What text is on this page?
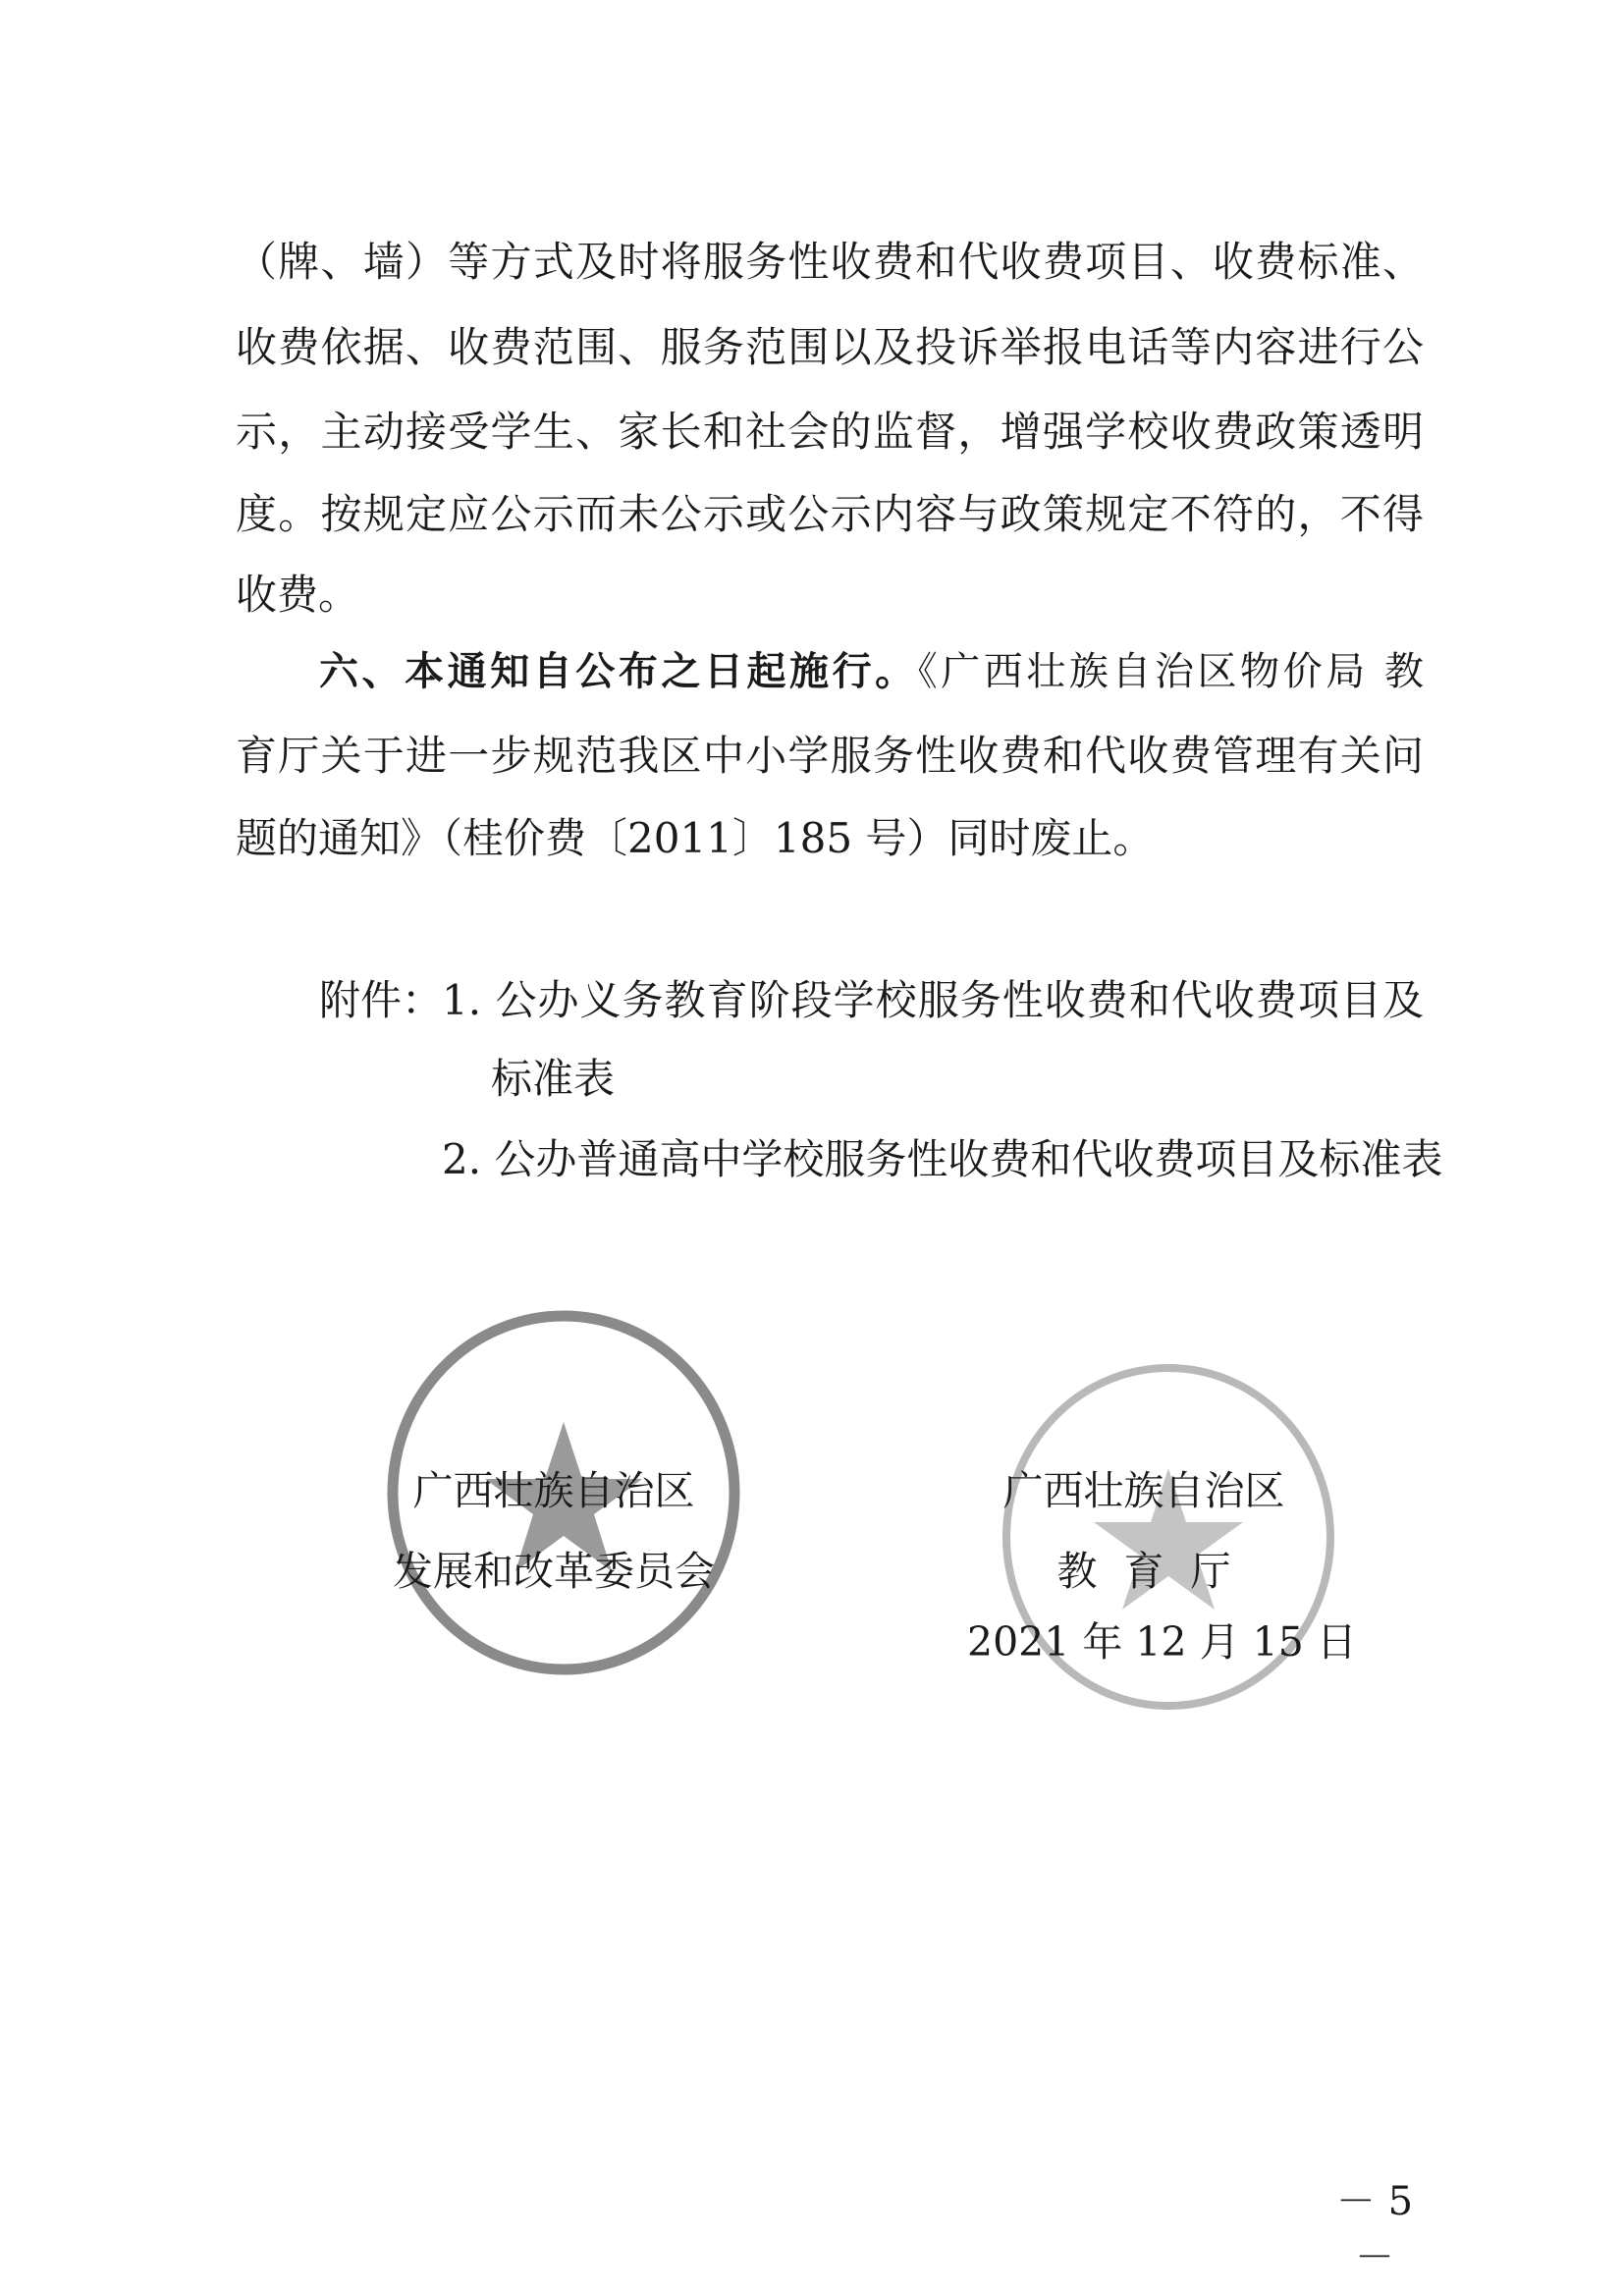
（牌、墙）等方式及时将服务性收费和代收费项目、收费标准、
收费依据、收费范围、服务范围以及投诉举报电话等内容进行公
示，主动接受学生、家长和社会的监督，增强学校收费政策透明
度。按规定应公示而未公示或公示内容与政策规定不符的，不得
收费。
六、本通知自公布之日起施行。《广西壮族自治区物价局 教
育厅关于进一步规范我区中小学服务性收费和代收费管理有关问
题的通知》（桂价费〔2011〕185 号）同时废止。
附件：
1. 公办义务教育阶段学校服务性收费和代收费项目及
标准表
2. 公办普通高中学校服务性收费和代收费项目及标准表
广西壮族自治区
发展和改革委员会
广西壮族自治区
教 育 厅
2021 年 12 月 15 日
－ 5 －
